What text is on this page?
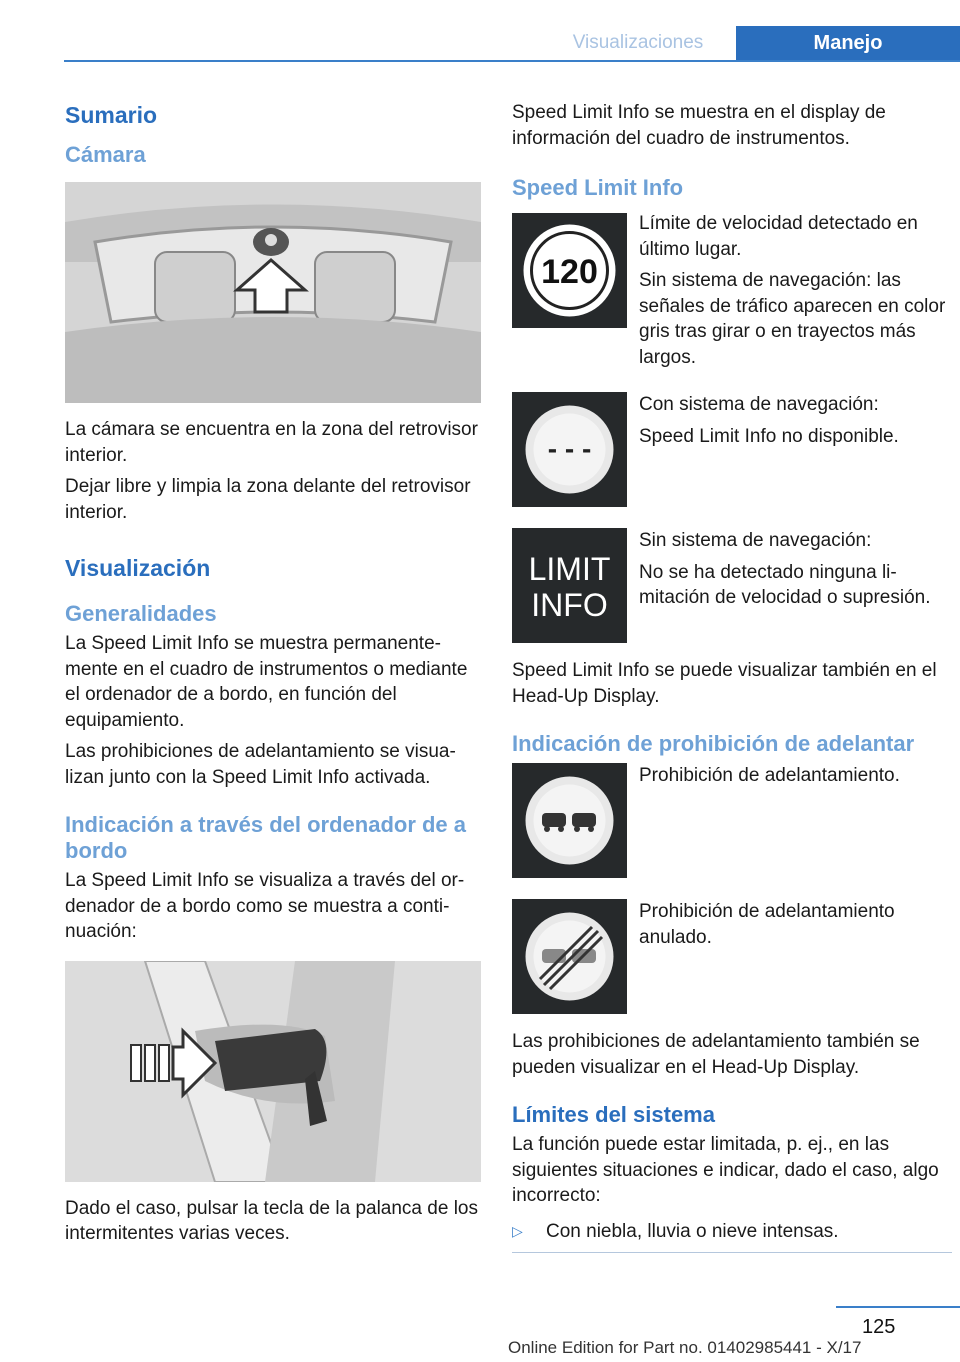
Visualizaciones	Manejo
Sumario
Cámara

La cámara se encuentra en la zona del retrovisor interior.

Dejar libre y limpia la zona delante del retrovisor interior.

Visualización
Generalidades

La Speed Limit Info se muestra permanentemente en el cuadro de instrumentos o mediante el ordenador de a bordo, en función del equipamiento.

Las prohibiciones de adelantamiento se visualizan junto con la Speed Limit Info activada.

Indicación a través del ordenador de a bordo

La Speed Limit Info se visualiza a través del ordenador de a bordo como se muestra a continuación:

Dado el caso, pulsar la tecla de la palanca de los intermitentes varias veces.

Speed Limit Info se muestra en el display de información del cuadro de instrumentos.

Speed Limit Info
120

Límite de velocidad detectado en último lugar.

Sin sistema de navegación: las señales de tráfico aparecen en color gris tras girar o en trayectos más largos.

- - -

Con sistema de navegación:

Speed Limit Info no disponible.

LIMIT
INFO

Sin sistema de navegación:

No se ha detectado ninguna limitación de velocidad o supresión.

Speed Limit Info se puede visualizar también en el Head-Up Display.

Indicación de prohibición de adelantar

Prohibición de adelantamiento.

Prohibición de adelantamiento anulado.

Las prohibiciones de adelantamiento también se pueden visualizar en el Head-Up Display.

Límites del sistema

La función puede estar limitada, p. ej., en las siguientes situaciones e indicar, dado el caso, algo incorrecto:

▷	Con niebla, lluvia o nieve intensas.
125
Online Edition for Part no. 01402985441 - X/17
